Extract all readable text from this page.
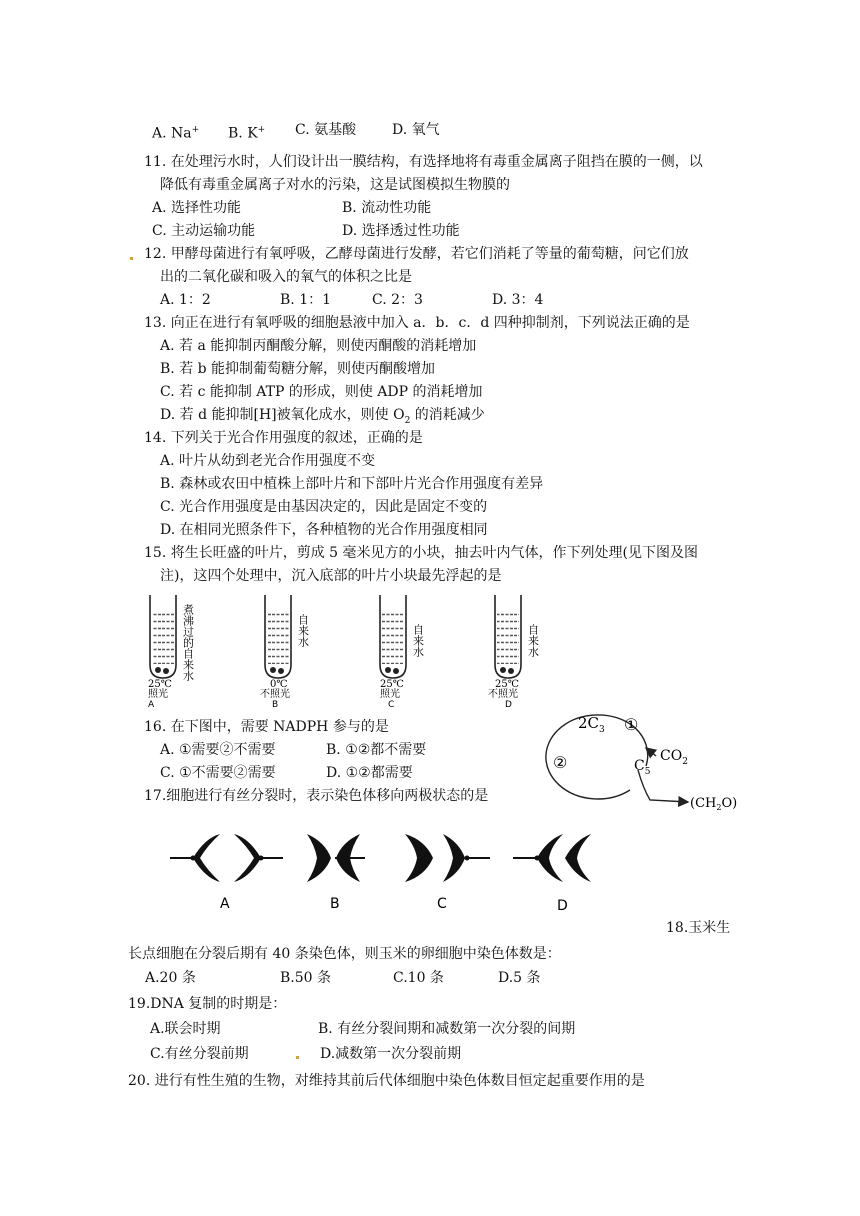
A. Na+ B. K+ C. 氨基酸	D. 氧气
11. 在处理污水时，人们设计出一膜结构，有选择地将有毒重金属离子阻挡在膜的一侧，以
降低有毒重金属离子对水的污染，这是试图模拟生物膜的
A. 选择性功能	B. 流动性功能
C. 主动运输功能	D. 选择透过性功能
12. 甲酵母菌进行有氧呼吸，乙酵母菌进行发酵，若它们消耗了等量的葡萄糖，问它们放
出的二氧化碳和吸入的氧气的体积之比是
A. 1：2	B. 1：1	C. 2：3	D. 3：4
13. 向正在进行有氧呼吸的细胞悬液中加入 a．b．c．d 四种抑制剂，下列说法正确的是
A. 若 a 能抑制丙酮酸分解，则使丙酮酸的消耗增加
B. 若 b 能抑制葡萄糖分解，则使丙酮酸增加
C. 若 c 能抑制 ATP 的形成，则使 ADP 的消耗增加
D. 若 d 能抑制[H]被氧化成水，则使 $O_2$ 的消耗减少
14. 下列关于光合作用强度的叙述，正确的是
A. 叶片从幼到老光合作用强度不变
B. 森林或农田中植株上部叶片和下部叶片光合作用强度有差异
C. 光合作用强度是由基因决定的，因此是固定不变的
D. 在相同光照条件下，各种植物的光合作用强度相同
15. 将生长旺盛的叶片，剪成 5 毫米见方的小块，抽去叶内气体，作下列处理(见下图及图
注)，这四个处理中，沉入底部的叶片小块最先浮起的是
煮沸过的自来水
25℃
照光
A
自来水
0℃
不照光
B
自来水
25℃
照光
C
自来水
25℃
不照光
D
16. 在下图中，需要 NADPH 参与的是
A. ①需要②不需要	B. ①②都不需要
C. ①不需要②需要	D. ①②都需要
$2C_3$ ①
②	$CO_2$
$C_5$
$(CH_2O)$
17.细胞进行有丝分裂时，表示染色体移向两极状态的是
A	B	C	D
18.玉米生
长点细胞在分裂后期有 40 条染色体，则玉米的卵细胞中染色体数是：
A.20 条	B.50 条	C.10 条	D.5 条
19.DNA 复制的时期是：
A.联会时期	B. 有丝分裂间期和减数第一次分裂的间期
C.有丝分裂前期	D.减数第一次分裂前期
20. 进行有性生殖的生物，对维持其前后代体细胞中染色体数目恒定起重要作用的是
